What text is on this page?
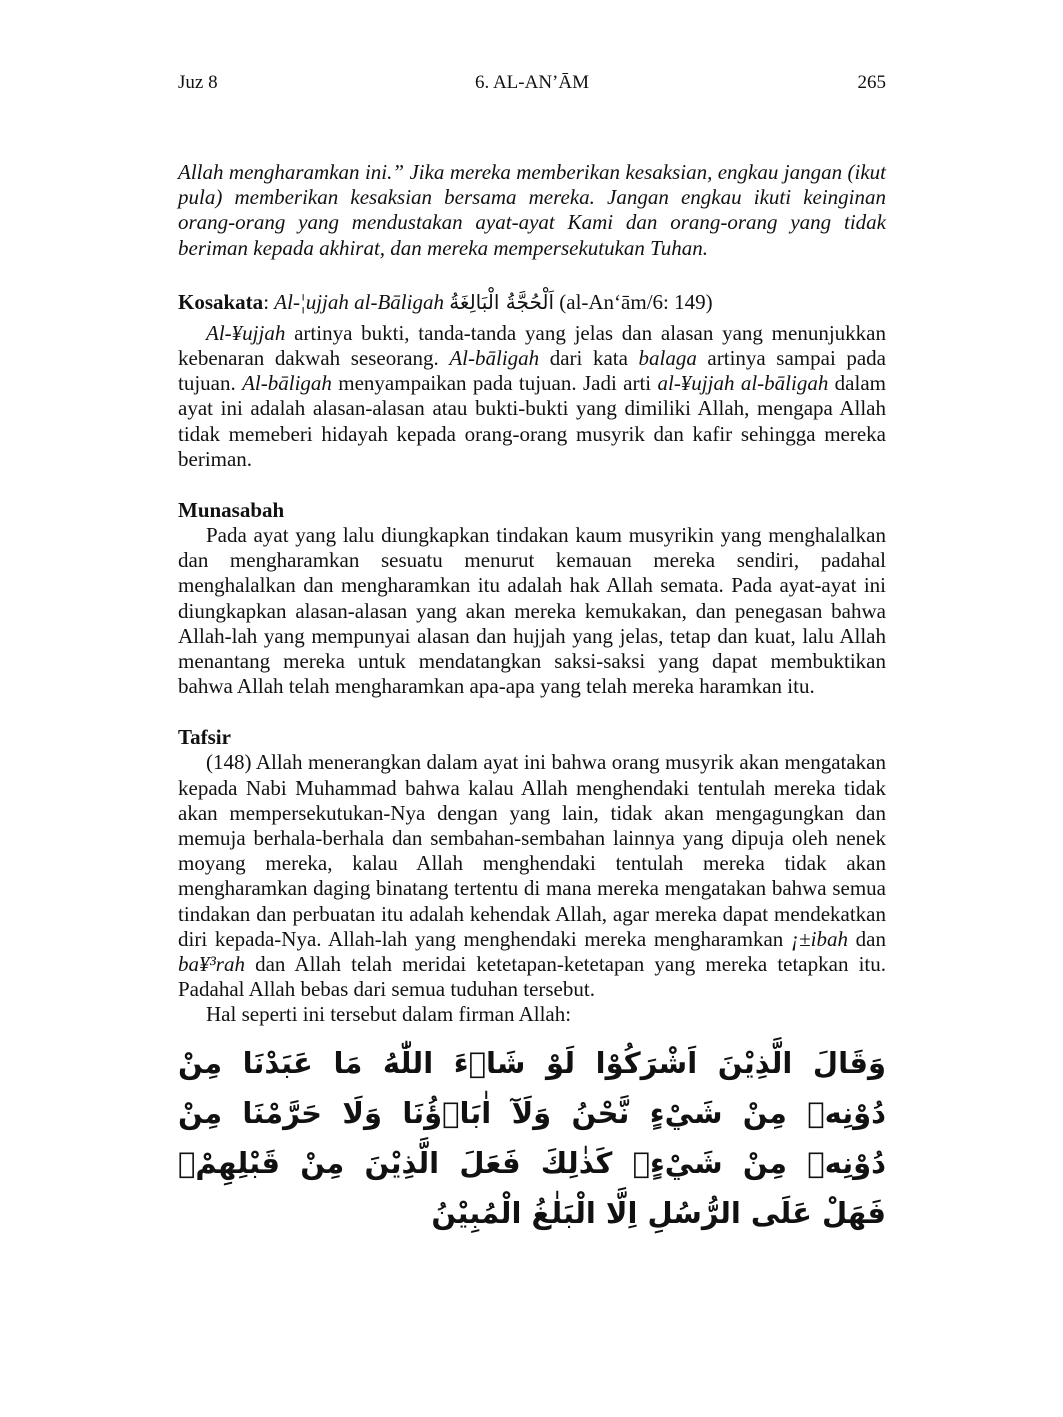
Juz 8	6. AL-AN’ĀM	265

Allah mengharamkan ini.” Jika mereka memberikan kesaksian, engkau jangan (ikut pula) memberikan kesaksian bersama mereka. Jangan engkau ikuti keinginan orang-orang yang mendustakan ayat-ayat Kami dan orang-orang yang tidak beriman kepada akhirat, dan mereka mempersekutukan Tuhan.

Kosakata: Al-¦ujjah al-Bāligah اَلْحُجَّةُ الْبَالِغَةُ (al-An‘ām/6: 149)

Al-¥ujjah artinya bukti, tanda-tanda yang jelas dan alasan yang menunjukkan kebenaran dakwah seseorang. Al-bāligah dari kata balaga artinya sampai pada tujuan. Al-bāligah menyampaikan pada tujuan. Jadi arti al-¥ujjah al-bāligah dalam ayat ini adalah alasan-alasan atau bukti-bukti yang dimiliki Allah, mengapa Allah tidak memeberi hidayah kepada orang-orang musyrik dan kafir sehingga mereka beriman.

Munasabah

Pada ayat yang lalu diungkapkan tindakan kaum musyrikin yang menghalalkan dan mengharamkan sesuatu menurut kemauan mereka sendiri, padahal menghalalkan dan mengharamkan itu adalah hak Allah semata. Pada ayat-ayat ini diungkapkan alasan-alasan yang akan mereka kemukakan, dan penegasan bahwa Allah-lah yang mempunyai alasan dan hujjah yang jelas, tetap dan kuat, lalu Allah menantang mereka untuk mendatangkan saksi-saksi yang dapat membuktikan bahwa Allah telah mengharamkan apa-apa yang telah mereka haramkan itu.

Tafsir

(148) Allah menerangkan dalam ayat ini bahwa orang musyrik akan mengatakan kepada Nabi Muhammad bahwa kalau Allah menghendaki tentulah mereka tidak akan mempersekutukan-Nya dengan yang lain, tidak akan mengagungkan dan memuja berhala-berhala dan sembahan-sembahan lainnya yang dipuja oleh nenek moyang mereka, kalau Allah menghendaki tentulah mereka tidak akan mengharamkan daging binatang tertentu di mana mereka mengatakan bahwa semua tindakan dan perbuatan itu adalah kehendak Allah, agar mereka dapat mendekatkan diri kepada-Nya. Allah-lah yang menghendaki mereka mengharamkan ¡±ibah dan ba¥³rah dan Allah telah meridai ketetapan-ketetapan yang mereka tetapkan itu. Padahal Allah bebas dari semua tuduhan tersebut.

Hal seperti ini tersebut dalam firman Allah:

وَقَالَ الَّذِيْنَ اَشْرَكُوْا لَوْ شَاۤءَ اللّٰهُ مَا عَبَدْنَا مِنْ دُوْنِهٖ مِنْ شَيْءٍ نَّحْنُ وَلَآ اٰبَاۤؤُنَا وَلَا حَرَّمْنَا مِنْ دُوْنِهٖ مِنْ شَيْءٍۗ كَذٰلِكَ فَعَلَ الَّذِيْنَ مِنْ قَبْلِهِمْۚ فَهَلْ عَلَى الرُّسُلِ اِلَّا الْبَلٰغُ الْمُبِيْنُ
